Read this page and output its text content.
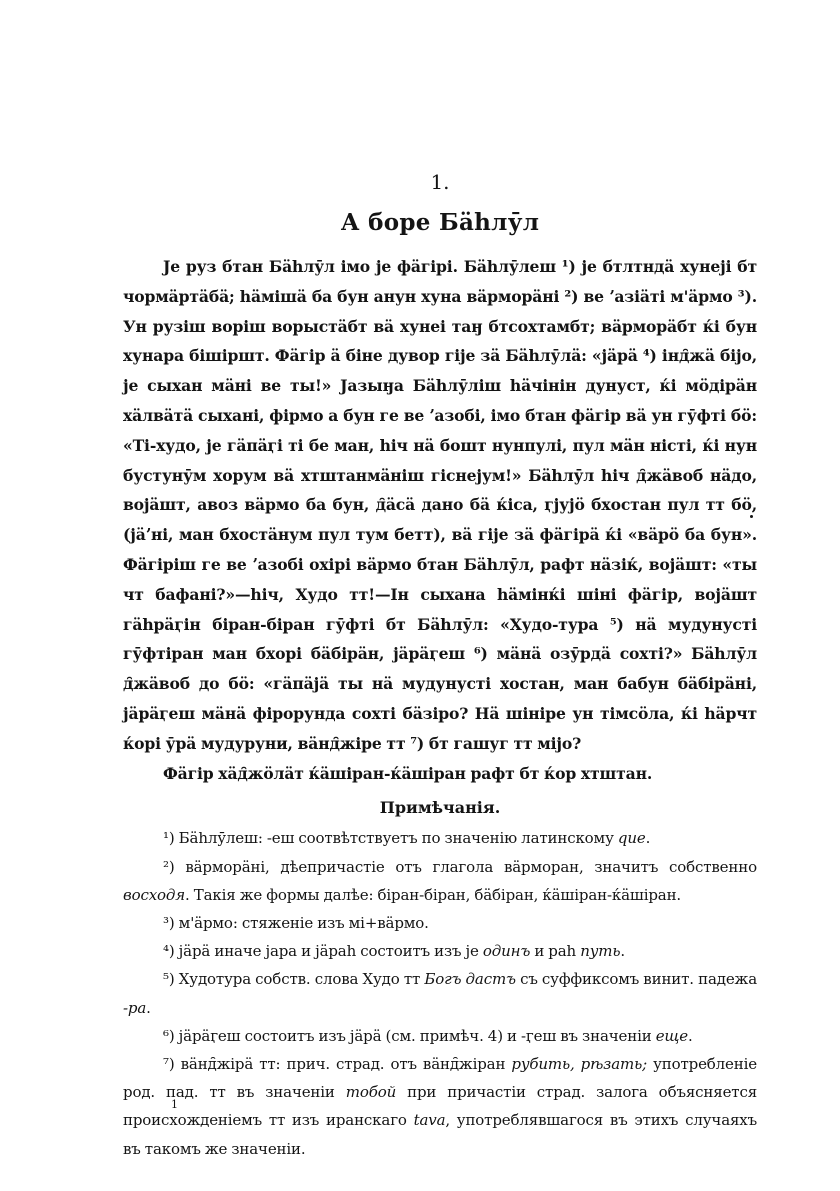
1.
А боре Бähлӯл

Je руз бтан Бähлӯл iмо je фäгiрi. Бähлӯлеш ¹) je бтлтндä хунеjі бт чормäртäбä; häмiшä ба бун анун хуна вäрморäнi ²) ве ʼазiäтi м'äрмо ³). Ун рузiш ворiш ворыстäбт вä хунеi таӈ бтсохтамбт; вäрморäбт ќi бун хунара бiшiршт. Фäгiр ä бiне дувор гiје зä Бähлӯлä: «jäрä ⁴) iнд̑жä бiјо, je сыхан мäнi ве ты!» Јазыӈа Бähлӯлiш häчiнiн дунуст, ќi мöдiрäн хäлвäтä сыханi, фiрмо а бун ге ве ʼазобi, iмо бтан фäгiр вä ун гӯфтi бö: «Ті-худо, je гäпäӷi тi бе ман, hiч нä бошт нунпулi, пул мäн нiстi, ќi нун бустунӯм хорум вä хтштанмäнiш гiснеjум!» Бähлӯл hiч д̑жäвоб нäдо, војäшт, авоз вäрмо ба бун, д̑äсä дано бä ќiса, ӷjујö бхостан пул тт бö, (jäʼнi, ман бхостäнум пул тум бетт), вä гiје зä фäгiрä ќi «вäрö ба бун». Фäгiрiш ге ве ʼазобi охiрi вäрмо бтан Бähлӯл, рафт нäзiќ, војäшт: «ты чт бафанi?»—hiч, Худо тт!—Ін сыхана häмiнќi шiнi фäгiр, војäшт гähрäӷiн бiран-бiран гӯфтi бт Бähлӯл: «Худо-тура ⁵) нä мудунустi гӯфтiран ман бхорi бäбiрäн, jäрäӷеш ⁶) мäнä озӯрдä сохтi?» Бähлӯл д̑жäвоб до бö: «гäпäjä ты нä мудунустi хостан, ман бабун бäбiрäнi, jäрäӷеш мäнä фiрорунда сохтi бäзiро? Нä шiнiре ун тiмсöла, ќi häрчт ќорi ӯрä мудуруни, вäнд̑жiре тт ⁷) бт гашуг тт мiјо?

Фäгiр хäд̑жöлäт ќäшiран-ќäшiран рафт бт ќор хтштан.

Примѣчанія.

¹) Бähлӯлеш: -еш соотвѣтствуетъ по значенiю латинскому que.

²) вäрморäнi, дѣепричастiе отъ глагола вäрморан, значитъ собственно восходя. Такiя же формы далѣе: бiран-бiран, бäбiран, ќäшiран-ќäшiран.

³) м'äрмо: стяженiе изъ мi+вäрмо.

⁴) jäрä иначе jара и jäраh состоитъ изъ je одинъ и раh путь.

⁵) Худотура собств. слова Худо тт Богъ дастъ съ суффиксомъ винит. падежа -ра.

⁶) jäрäӷеш состоитъ изъ jäрä (см. примѣч. 4) и -ӷеш въ значенiи еще.

⁷) вäнд̑жiрä тт: прич. страд. отъ вäнд̑жiран рубить, рѣзать; употребленiе род. пад. тт въ значенiи тобой при причастiи страд. залога объясняется происхожденiемъ тт изъ иранскаго tava, употреблявшагося въ этихъ случаяхъ въ такомъ же значенiи.

1
